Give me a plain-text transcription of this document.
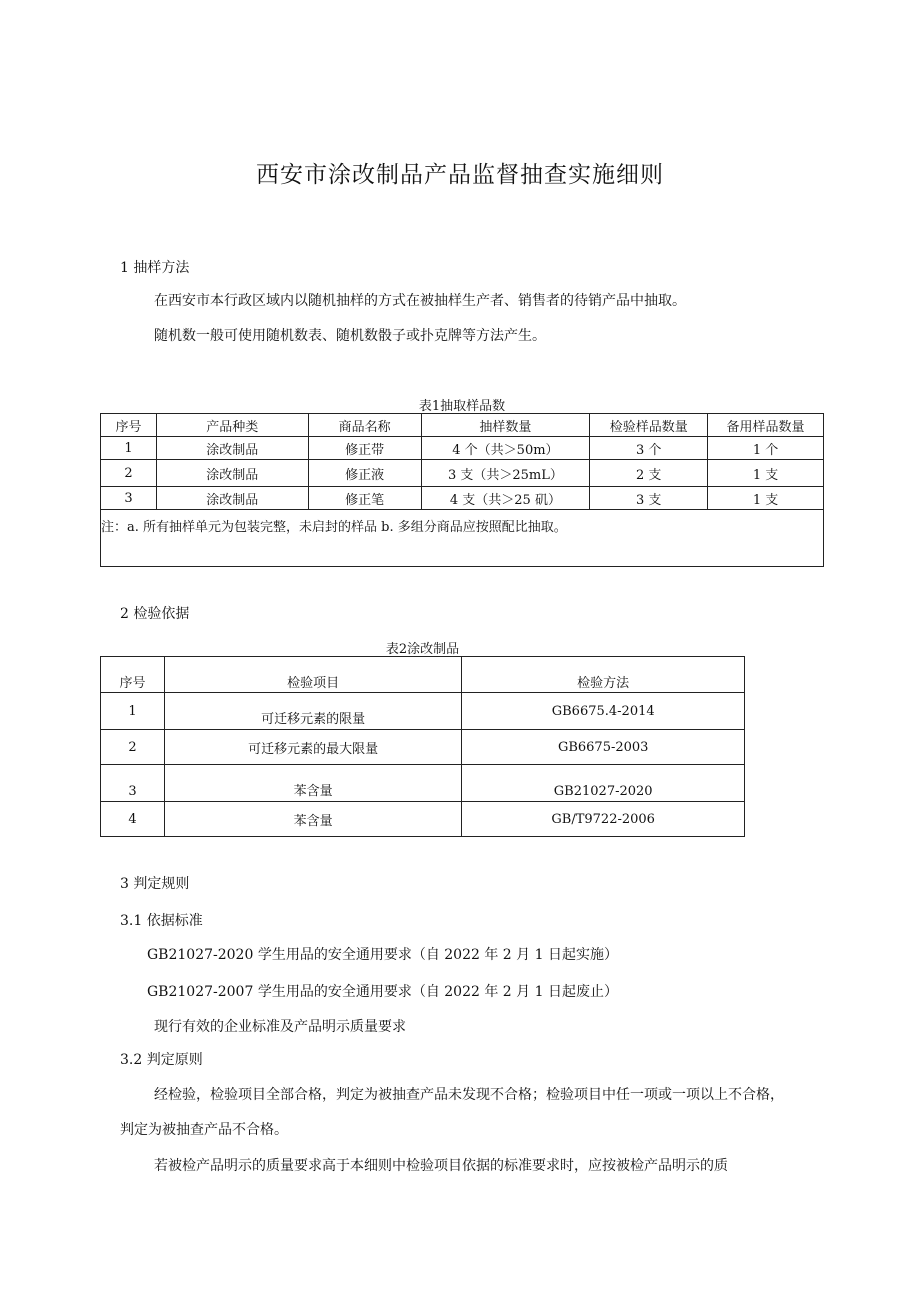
西安市涂改制品产品监督抽查实施细则
1 抽样方法
在西安市本行政区域内以随机抽样的方式在被抽样生产者、销售者的待销产品中抽取。
随机数一般可使用随机数表、随机数骰子或扑克牌等方法产生。
表1抽取样品数
序号	产品种类	商品名称	抽样数量	检验样品数量	备用样品数量
1	涂改制品	修正带	4 个（共＞50m）	3 个	1 个
2	涂改制品	修正液	3 支（共＞25mL）	2 支	1 支
3	涂改制品	修正笔	4 支（共＞25 矶）	3 支	1 支
注：a. 所有抽样单元为包装完整，未启封的样品 b. 多组分商品应按照配比抽取。					
2 检验依据
表2涂改制品
序号	检验项目	检验方法
1	可迁移元素的限量	GB6675.4-2014
2	可迁移元素的最大限量	GB6675-2003
3	苯含量	GB21027-2020
4	苯含量	GB/T9722-2006
3 判定规则
3.1 依据标准
GB21027-2020 学生用品的安全通用要求（自 2022 年 2 月 1 日起实施）
GB21027-2007 学生用品的安全通用要求（自 2022 年 2 月 1 日起废止）
现行有效的企业标准及产品明示质量要求
3.2 判定原则
经检验，检验项目全部合格，判定为被抽查产品未发现不合格；检验项目中任一项或一项以上不合格，
判定为被抽查产品不合格。
若被检产品明示的质量要求高于本细则中检验项目依据的标准要求时，应按被检产品明示的质
